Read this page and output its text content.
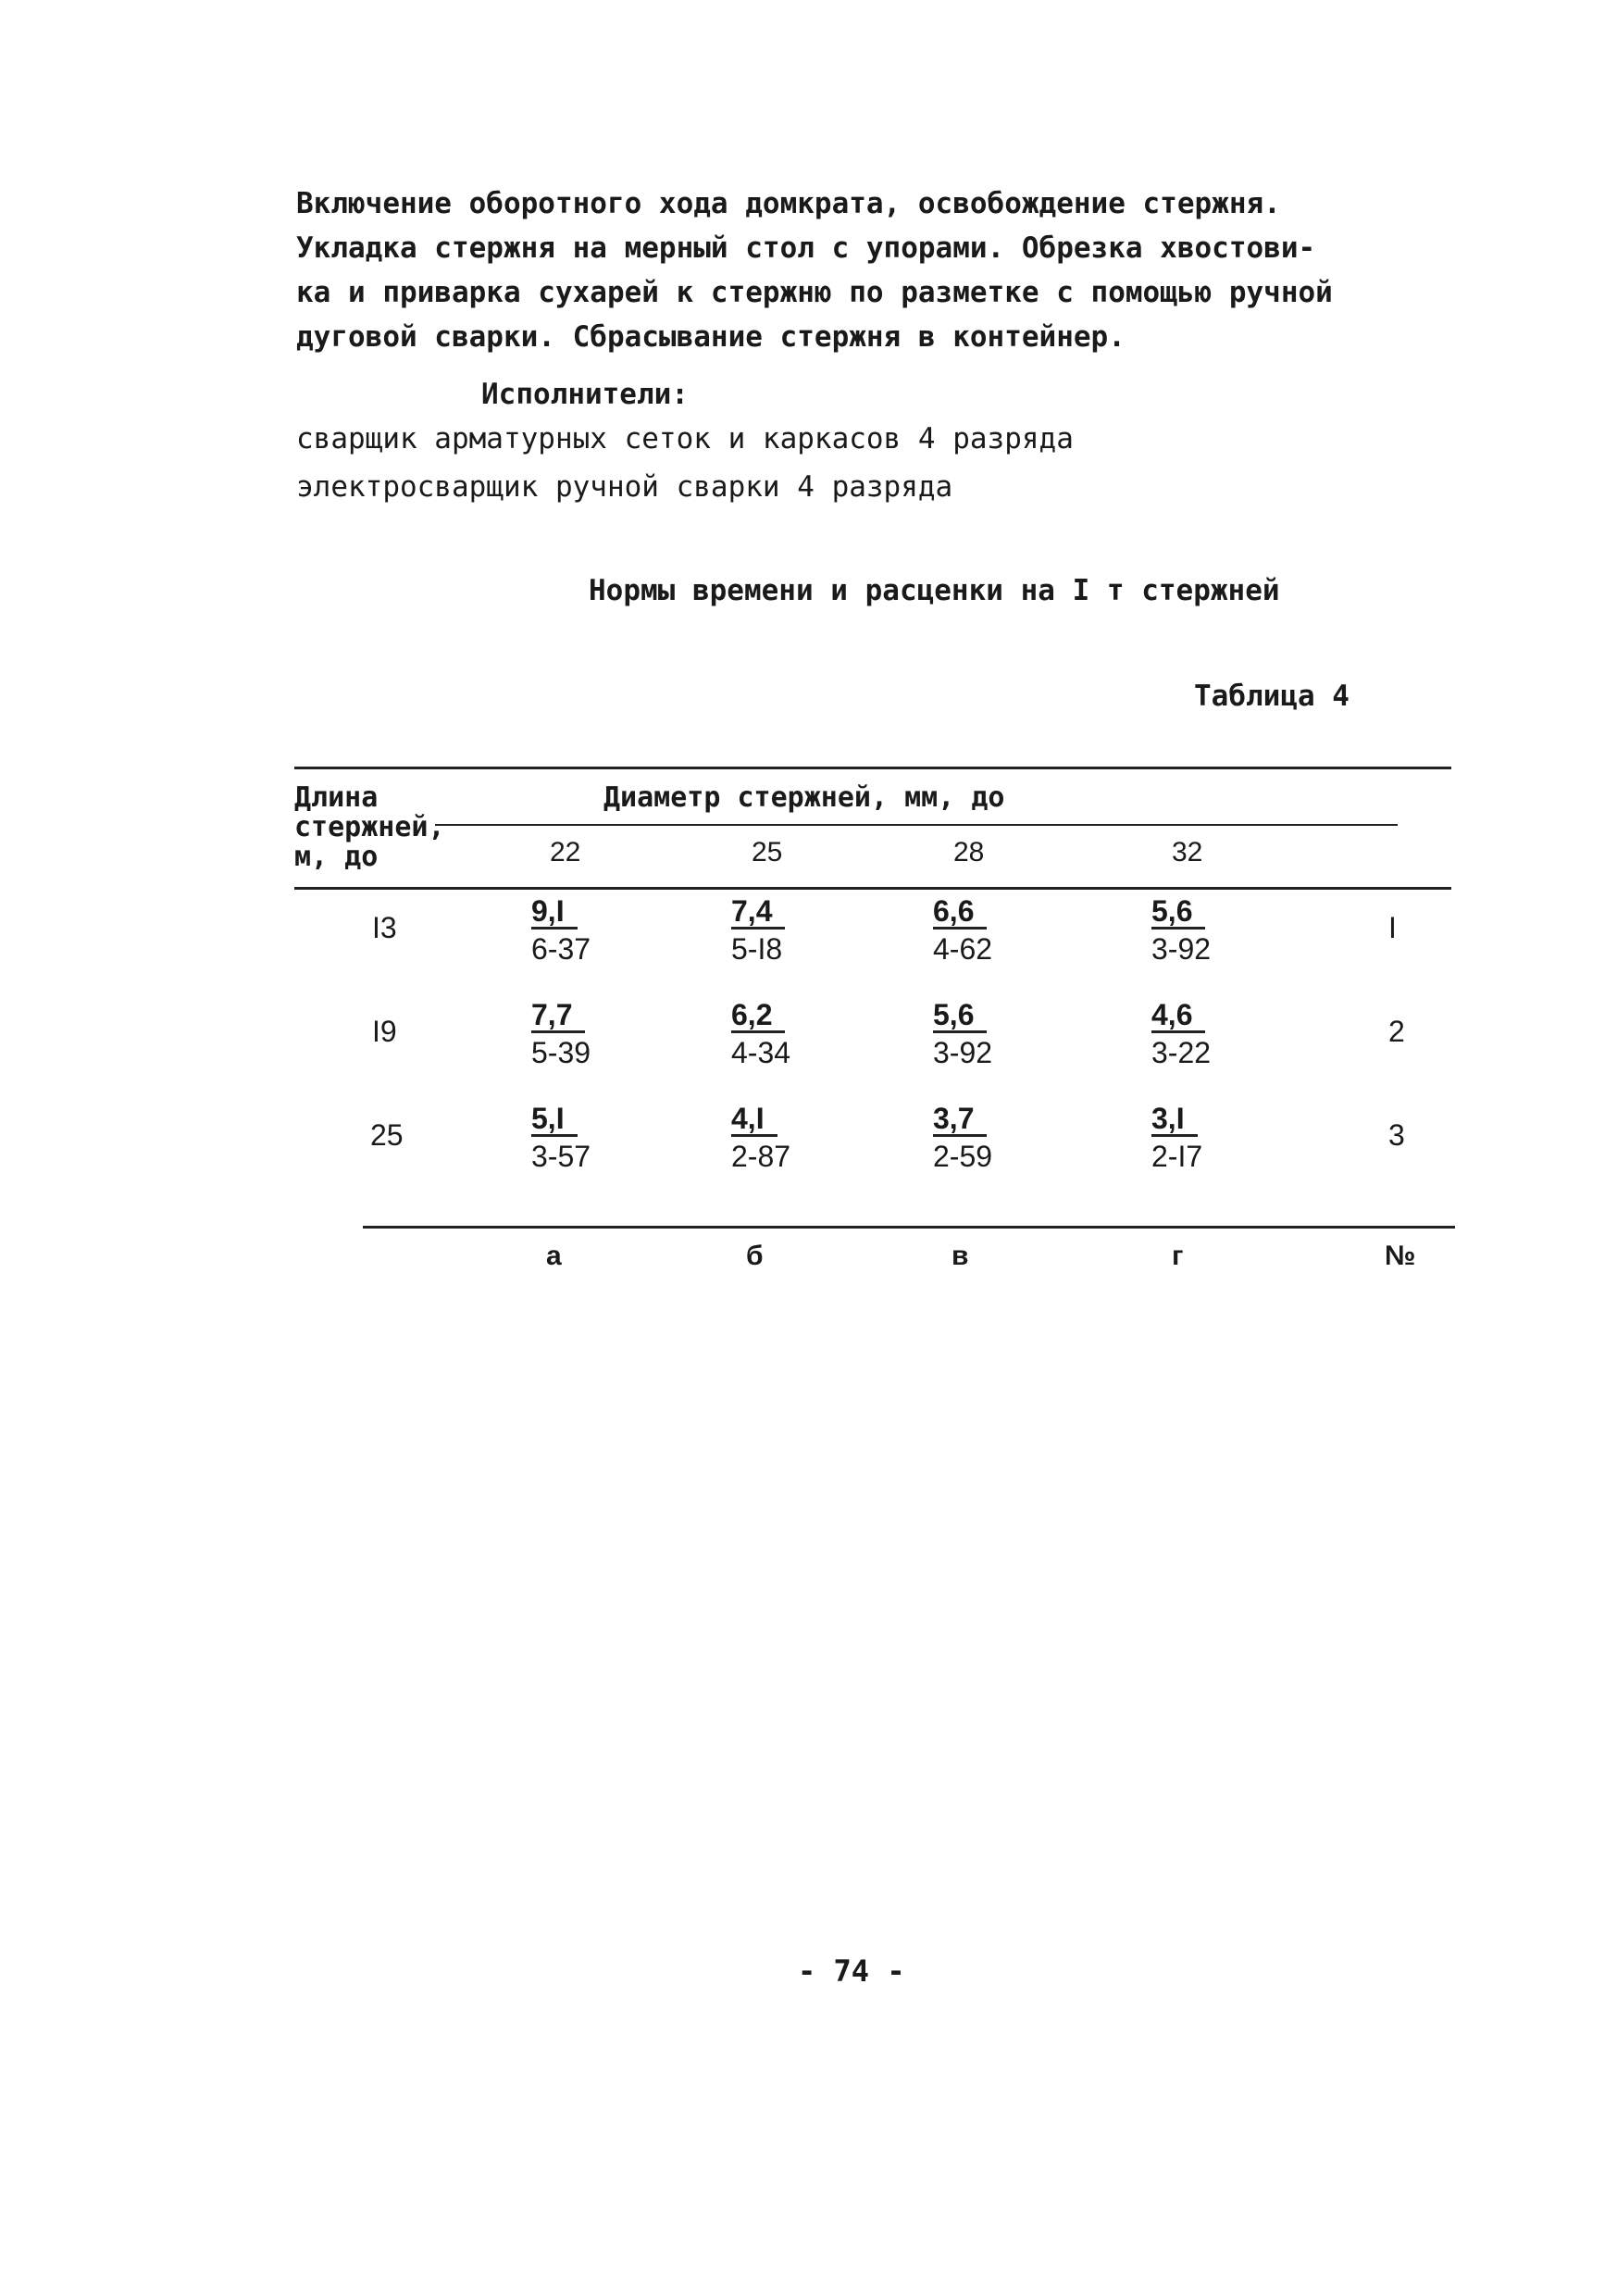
Включение оборотного хода домкрата, освобождение стержня.
Укладка стержня на мерный стол с упорами. Обрезка хвостови-
ка и приварка сухарей к стержню по разметке с помощью ручной
дуговой сварки. Сбрасывание стержня в контейнер.
Исполнители:
сварщик арматурных сеток и каркасов 4 разряда
электросварщик ручной сварки 4 разряда
Нормы времени и расценки на I т стержней
Таблица 4
Длина
стержней,
м, до
Диаметр стержней, мм, до
22	25	28	32
I3	$\frac{9,I}{6-37}$	$\frac{7,4}{5-I8}$	$\frac{6,6}{4-62}$	$\frac{5,6}{3-92}$	I
I9	$\frac{7,7}{5-39}$	$\frac{6,2}{4-34}$	$\frac{5,6}{3-92}$	$\frac{4,6}{3-22}$	2
25	$\frac{5,I}{3-57}$	$\frac{4,I}{2-87}$	$\frac{3,7}{2-59}$	$\frac{3,I}{2-I7}$	3
а	б	в	г	№
- 74 -
